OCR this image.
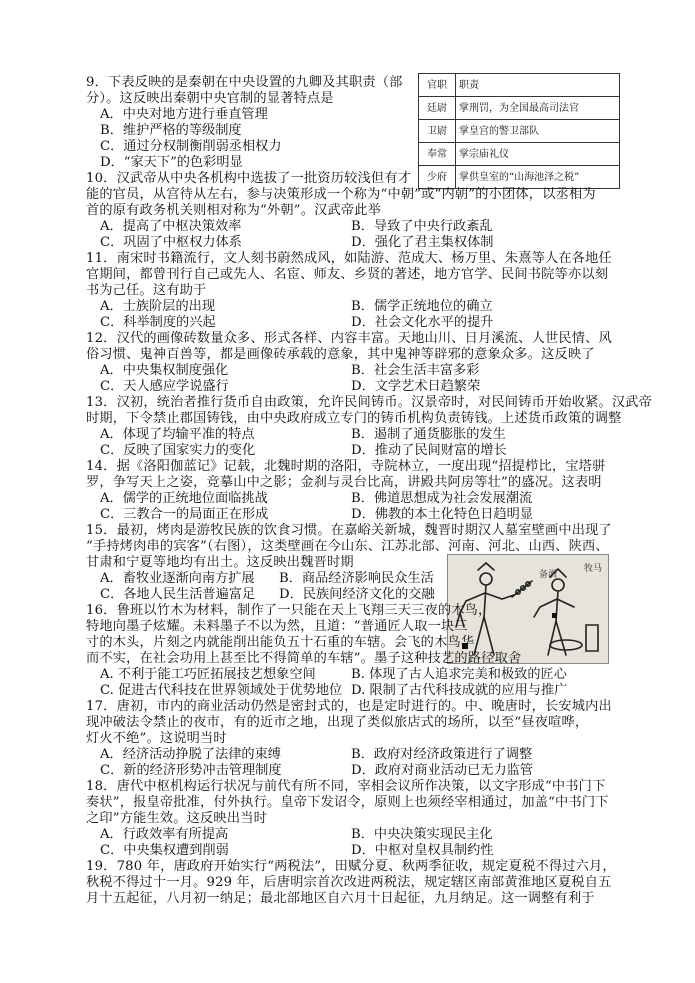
官职	职责
廷尉	掌刑罚，为全国最高司法官
卫尉	掌皇宫的警卫部队
奉常	掌宗庙礼仪
少府	掌供皇室的“山海池泽之税”
9．下表反映的是秦朝在中央设置的九卿及其职责（部
分）。这反映出秦朝中央官制的显著特点是
A．中央对地方进行垂直管理
B．维护严格的等级制度
C．通过分权制衡削弱丞相权力
D．“家天下”的色彩明显
10．汉武帝从中央各机构中选拔了一批资历较浅但有才
能的官员，从宫待从左右，参与决策形成一个称为“中朝”或“内朝”的小团体，以丞相为
首的原有政务机关则相对称为“外朝”。汉武帝此举
A．提高了中枢决策效率	B．导致了中央行政紊乱
C．巩固了中枢权力体系	D．强化了君主集权体制
11．南宋时书籍流行，文人刻书蔚然成风，如陆游、范成大、杨万里、朱熹等人在各地任
官期间，都曾刊行自己或先人、名宦、师友、乡贤的著述，地方官学、民间书院等亦以刻
书为己任。这有助于
A．士族阶层的出现	B．儒学正统地位的确立
C．科举制度的兴起	D．社会文化水平的提升
12．汉代的画像砖数量众多、形式各样、内容丰富。天地山川、日月溪流、人世民情、风
俗习惯、鬼神百兽等，都是画像砖承载的意象，其中鬼神等辟邪的意象众多。这反映了
A．中央集权制度强化	B．社会生活丰富多彩
C．天人感应学说盛行	D．文学艺术日趋繁荣
13．汉初，统治者推行货币自由政策，允许民间铸币。汉景帝时，对民间铸币开始收紧。汉武帝
时期，下令禁止郡国铸钱，由中央政府成立专门的铸币机构负责铸钱。上述货币政策的调整
A．体现了均输平准的特点	B．遏制了通货膨胀的发生
C．反映了国家实力的变化	D．推动了民间财富的增长
14．据《洛阳伽蓝记》记载，北魏时期的洛阳，寺院林立，一度出现“招提栉比，宝塔骈
罗，争写天上之姿，竞摹山中之影；金刹与灵台比高，讲殿共阿房等壮”的盛况。这表明
A．儒学的正统地位面临挑战	B．佛道思想成为社会发展潮流
C．三教合一的局面正在形成	D．佛教的本土化特色日趋明显
15．最初，烤肉是游牧民族的饮食习惯。在嘉峪关新城，魏晋时期汉人墓室壁画中出现了
“手持烤肉串的宾客”（右图），这类壁画在今山东、江苏北部、河南、河北、山西、陕西、
甘肃和宁夏等地均有出土。这反映出魏晋时期
A．畜牧业逐渐向南方扩展 B．商品经济影响民众生活
C．各地人民生活普遍富足 D．民族间经济文化的交融
备酒
牧马
16．鲁班以竹木为材料，制作了一只能在天上飞翔三天三夜的木鸟，
特地向墨子炫耀。未料墨子不以为然，且道：“普通匠人取一块三
寸的木头，片刻之内就能削出能负五十石重的车辖。会飞的木鸟华
而不实，在社会功用上甚至比不得简单的车辖”。墨子这种技艺的路径取舍
A. 不利于能工巧匠拓展技艺想象空间	B. 体现了古人追求完美和极致的匠心
C. 促进古代科技在世界领域处于优势地位 D. 限制了古代科技成就的应用与推广
17．唐初，市内的商业活动仍然是密封式的，也是定时进行的。中、晚唐时，长安城内出
现冲破法令禁止的夜市，有的近市之地，出现了类似旅店式的场所，以至“昼夜喧哗，
灯火不绝”。这说明当时
A．经济活动挣脱了法律的束缚	B．政府对经济政策进行了调整
C．新的经济形势冲击管理制度	D．政府对商业活动已无力监管
18．唐代中枢机构运行状况与前代有所不同，宰相会议所作决策，以文字形成“中书门下
奏状”，报皇帝批准，付外执行。皇帝下发诏令，原则上也须经宰相通过，加盖“中书门下
之印”方能生效。这反映出当时
A．行政效率有所提高	B．中央决策实现民主化
C．中央集权遭到削弱	D．中枢对皇权具制约性
19．780 年，唐政府开始实行“两税法”，田赋分夏、秋两季征收，规定夏税不得过六月，
秋税不得过十一月。929 年，后唐明宗首次改进两税法，规定辖区南部黄淮地区夏税自五
月十五起征，八月初一纳足；最北部地区自六月十日起征，九月纳足。这一调整有利于
